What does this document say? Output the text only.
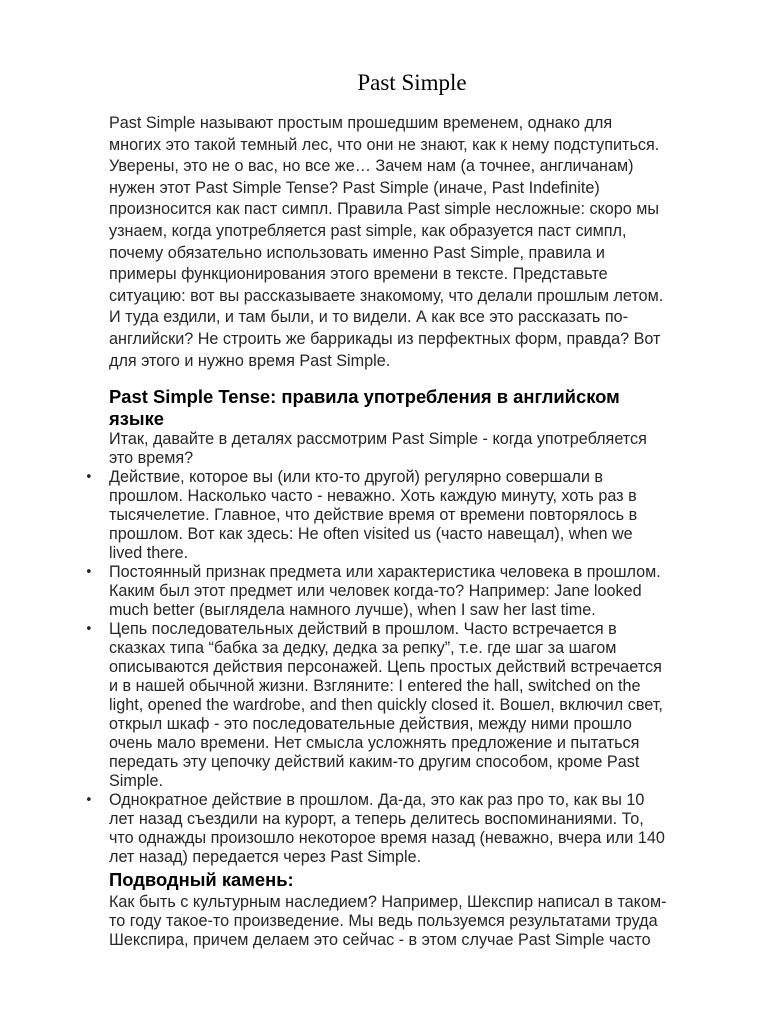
Past Simple
Past Simple называют простым прошедшим временем, однако для
многих это такой темный лес, что они не знают, как к нему подступиться.
Уверены, это не о вас, но все же… Зачем нам (а точнее, англичанам)
нужен этот Past Simple Tense? Past Simple (иначе, Past Indefinite)
произносится как паст симпл. Правила Past simple несложные: скоро мы
узнаем, когда употребляется past simple, как образуется паст симпл,
почему обязательно использовать именно Past Simple, правила и
примеры функционирования этого времени в тексте. Представьте
ситуацию: вот вы рассказываете знакомому, что делали прошлым летом.
И туда ездили, и там были, и то видели. А как все это рассказать по-
английски? Не строить же баррикады из перфектных форм, правда? Вот
для этого и нужно время Past Simple.
Past Simple Tense: правила употребления в английском
языке
Итак, давайте в деталях рассмотрим Past Simple - когда употребляется
это время?
• Действие, которое вы (или кто-то другой) регулярно совершали в
прошлом. Насколько часто - неважно. Хоть каждую минуту, хоть раз в
тысячелетие. Главное, что действие время от времени повторялось в
прошлом. Вот как здесь: He often visited us (часто навещал), when we
lived there.
• Постоянный признак предмета или характеристика человека в прошлом.
Каким был этот предмет или человек когда-то? Например: Jane looked
much better (выглядела намного лучше), when I saw her last time.
• Цепь последовательных действий в прошлом. Часто встречается в
сказках типа “бабка за дедку, дедка за репку”, т.е. где шаг за шагом
описываются действия персонажей. Цепь простых действий встречается
и в нашей обычной жизни. Взгляните: I entered the hall, switched on the
light, opened the wardrobe, and then quickly closed it. Вошел, включил свет,
открыл шкаф - это последовательные действия, между ними прошло
очень мало времени. Нет смысла усложнять предложение и пытаться
передать эту цепочку действий каким-то другим способом, кроме Past
Simple.
• Однократное действие в прошлом. Да-да, это как раз про то, как вы 10
лет назад съездили на курорт, а теперь делитесь воспоминаниями. То,
что однажды произошло некоторое время назад (неважно, вчера или 140
лет назад) передается через Past Simple.
Подводный камень:
Как быть с культурным наследием? Например, Шекспир написал в таком-
то году такое-то произведение. Мы ведь пользуемся результатами труда
Шекспира, причем делаем это сейчас - в этом случае Past Simple часто
